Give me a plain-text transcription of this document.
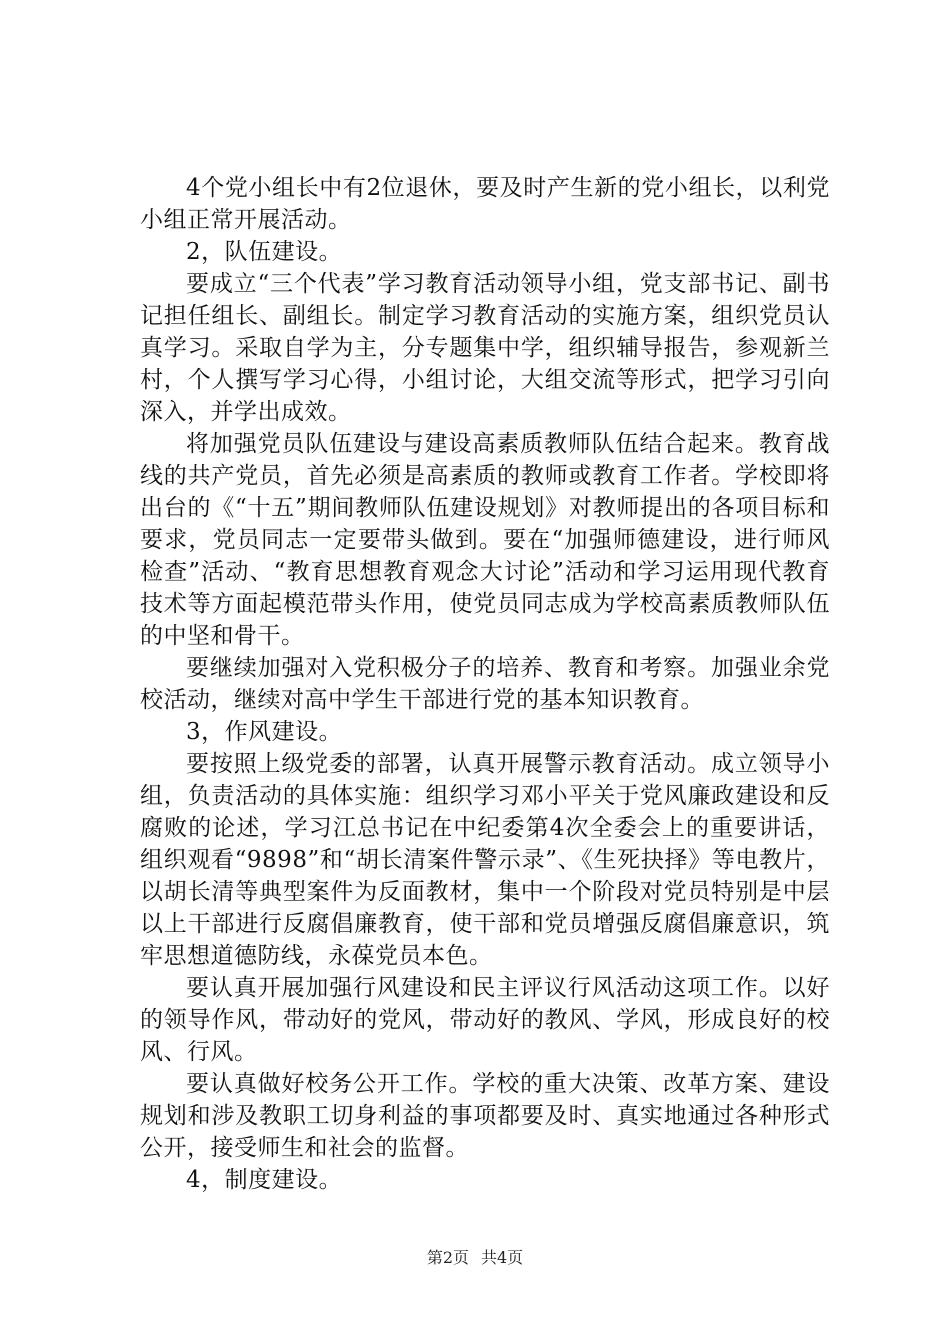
4个党小组长中有2位退休，要及时产生新的党小组长，以利党小组正常开展活动。

2，队伍建设。

要成立“三个代表”学习教育活动领导小组，党支部书记、副书记担任组长、副组长。制定学习教育活动的实施方案，组织党员认真学习。采取自学为主，分专题集中学，组织辅导报告，参观新兰村，个人撰写学习心得，小组讨论，大组交流等形式，把学习引向深入，并学出成效。

将加强党员队伍建设与建设高素质教师队伍结合起来。教育战线的共产党员，首先必须是高素质的教师或教育工作者。学校即将出台的《“十五”期间教师队伍建设规划》对教师提出的各项目标和要求，党员同志一定要带头做到。要在“加强师德建设，进行师风检查”活动、“教育思想教育观念大讨论”活动和学习运用现代教育技术等方面起模范带头作用，使党员同志成为学校高素质教师队伍的中坚和骨干。

要继续加强对入党积极分子的培养、教育和考察。加强业余党校活动，继续对高中学生干部进行党的基本知识教育。

3，作风建设。

要按照上级党委的部署，认真开展警示教育活动。成立领导小组，负责活动的具体实施：组织学习邓小平关于党风廉政建设和反腐败的论述，学习江总书记在中纪委第4次全委会上的重要讲话，组织观看“9898”和“胡长清案件警示录”、《生死抉择》等电教片，以胡长清等典型案件为反面教材，集中一个阶段对党员特别是中层以上干部进行反腐倡廉教育，使干部和党员增强反腐倡廉意识，筑牢思想道德防线，永葆党员本色。

要认真开展加强行风建设和民主评议行风活动这项工作。以好的领导作风，带动好的党风，带动好的教风、学风，形成良好的校风、行风。

要认真做好校务公开工作。学校的重大决策、改革方案、建设规划和涉及教职工切身利益的事项都要及时、真实地通过各种形式公开，接受师生和社会的监督。

4，制度建设。

第2页 共4页
